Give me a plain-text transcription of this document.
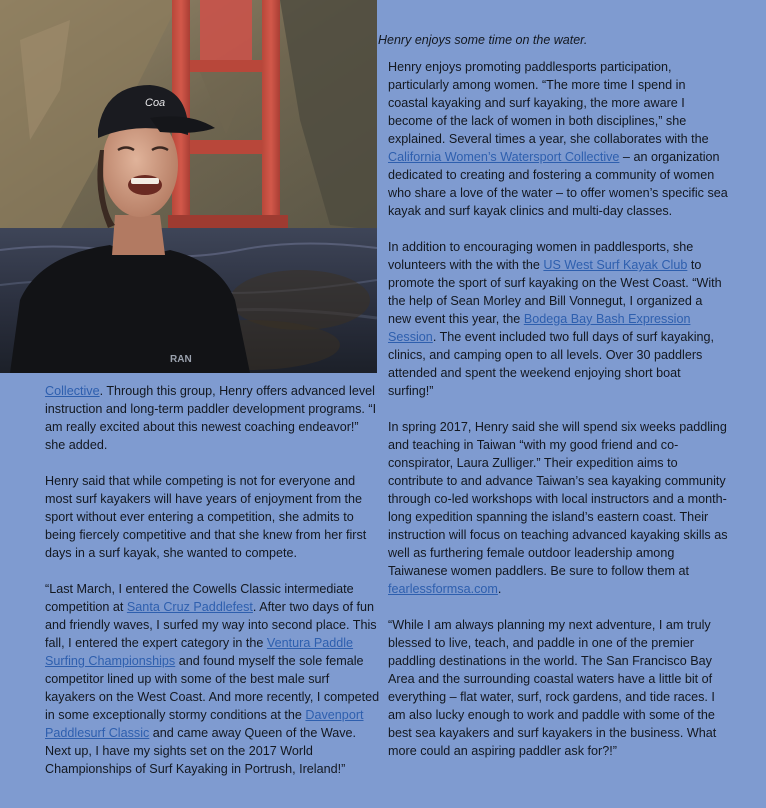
Coa
RAN
Henry enjoys some time on the water.

Henry enjoys promoting paddlesports participation, particularly among women. “The more time I spend in coastal kayaking and surf kayaking, the more aware I become of the lack of women in both disciplines,” she explained. Several times a year, she collaborates with the California Women’s Watersport Collective – an organization dedicated to creating and fostering a community of women who share a love of the water – to offer women’s specific sea kayak and surf kayak clinics and multi-day classes.

In addition to encouraging women in paddlesports, she volunteers with the with the US West Surf Kayak Club to promote the sport of surf kayaking on the West Coast. “With the help of Sean Morley and Bill Vonnegut, I organized a new event this year, the Bodega Bay Bash Expression Session. The event included two full days of surf kayaking, clinics, and camping open to all levels. Over 30 paddlers attended and spent the weekend enjoying short boat surfing!”

In spring 2017, Henry said she will spend six weeks paddling and teaching in Taiwan “with my good friend and co-conspirator, Laura Zulliger.” Their expedition aims to contribute to and advance Taiwan’s sea kayaking community through co-led workshops with local instructors and a month-long expedition spanning the island’s eastern coast. Their instruction will focus on teaching advanced kayaking skills as well as furthering female outdoor leadership among Taiwanese women paddlers. Be sure to follow them at fearlessformsa.com.

“While I am always planning my next adventure, I am truly blessed to live, teach, and paddle in one of the premier paddling destinations in the world. The San Francisco Bay Area and the surrounding coastal waters have a little bit of everything – flat water, surf, rock gardens, and tide races. I am also lucky enough to work and paddle with some of the best sea kayakers and surf kayakers in the business. What more could an aspiring paddler ask for?!”

Collective. Through this group, Henry offers advanced level instruction and long-term paddler development programs. “I am really excited about this newest coaching endeavor!” she added.

Henry said that while competing is not for everyone and most surf kayakers will have years of enjoyment from the sport without ever entering a competition, she admits to being fiercely competitive and that she knew from her first days in a surf kayak, she wanted to compete.

“Last March, I entered the Cowells Classic intermediate competition at Santa Cruz Paddlefest. After two days of fun and friendly waves, I surfed my way into second place. This fall, I entered the expert category in the Ventura Paddle Surfing Championships and found myself the sole female competitor lined up with some of the best male surf kayakers on the West Coast. And more recently, I competed in some exceptionally stormy conditions at the Davenport Paddlesurf Classic and came away Queen of the Wave. Next up, I have my sights set on the 2017 World Championships of Surf Kayaking in Portrush, Ireland!”
